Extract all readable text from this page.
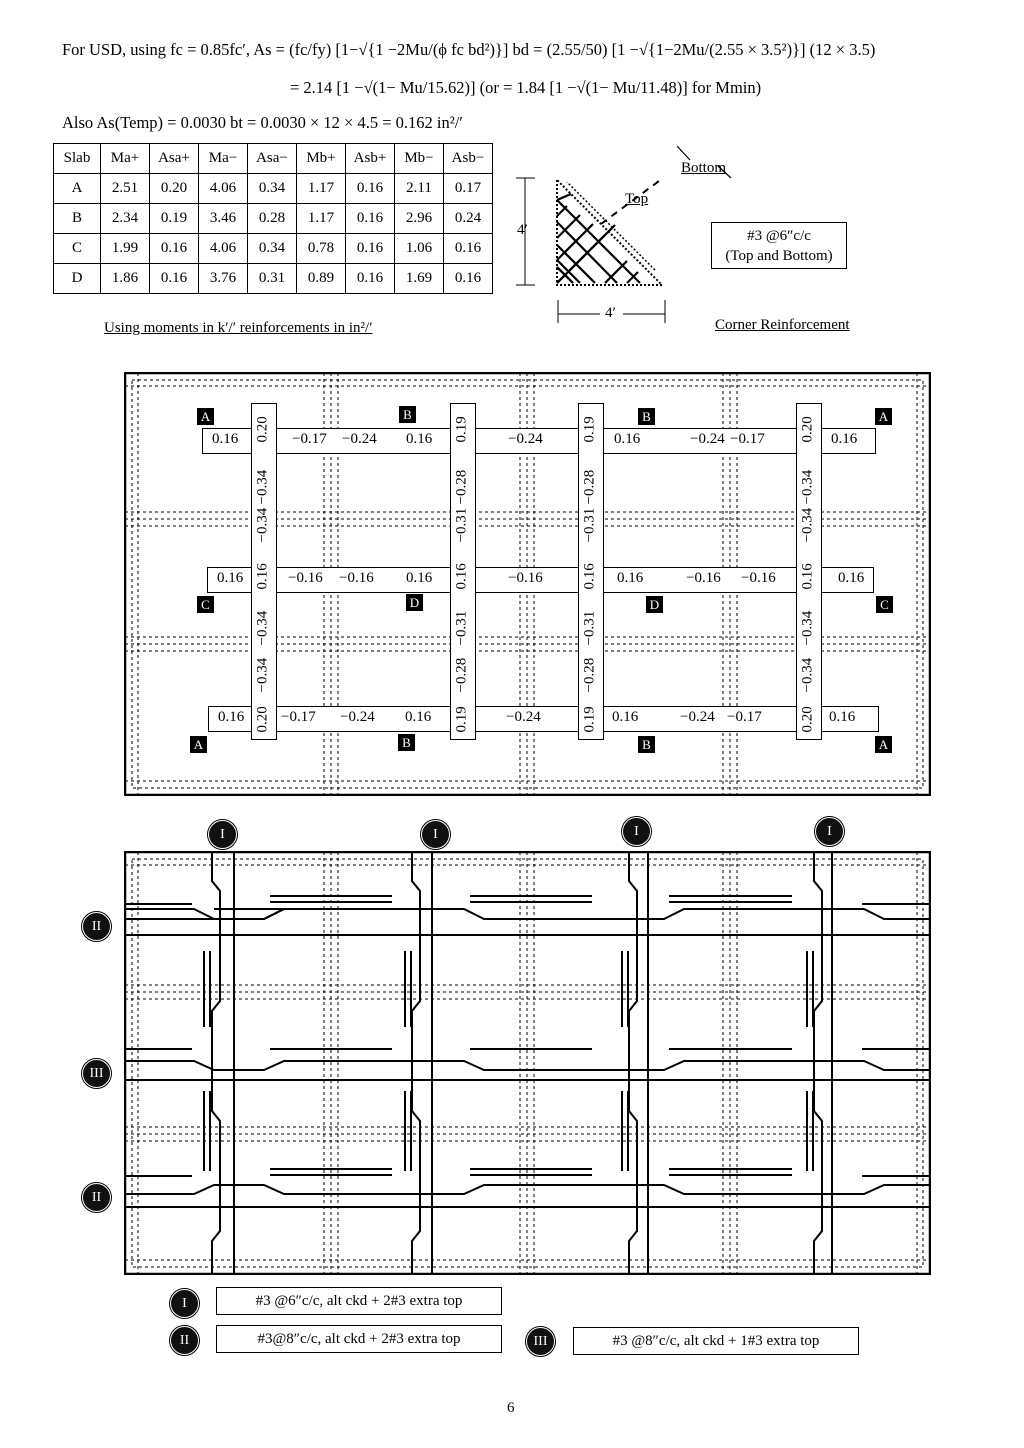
For USD, using fc = 0.85fc′, As = (fc/fy) [1−√{1 −2Mu/(ϕ fc bd²)}] bd = (2.55/50) [1 −√{1−2Mu/(2.55 × 3.5²)}] (12 × 3.5)
= 2.14 [1 −√(1− Mu/15.62)] (or = 1.84 [1 −√(1− Mu/11.48)] for Mmin)
Also As(Temp) = 0.0030 bt = 0.0030 × 12 × 4.5 = 0.162 in²/′
Slab	Ma+	Asa+	Ma−	Asa−	Mb+	Asb+	Mb−	Asb−
A	2.51	0.20	4.06	0.34	1.17	0.16	2.11	0.17
B	2.34	0.19	3.46	0.28	1.17	0.16	2.96	0.24
C	1.99	0.16	4.06	0.34	0.78	0.16	1.06	0.16
D	1.86	0.16	3.76	0.31	0.89	0.16	1.69	0.16
Using moments in k′/′ reinforcements in in²/′
Bottom
Top
4′
4′
#3 @6″c/c
(Top and Bottom)
Corner Reinforcement
0.16	−0.17 −0.24 0.16	−0.24	0.16	−0.24 −0.17	0.16
0.16	−0.16 −0.16 0.16	−0.16	0.16	−0.16 −0.16	0.16
0.16 −0.17 −0.24 0.16	−0.24	0.16	−0.24 −0.17	0.16
0.20
−0.34
−0.34
0.16
−0.34
−0.34
0.20
0.19
−0.28
−0.31
0.16
−0.31
−0.28
0.19
0.19
−0.28
−0.31
0.16
−0.31
−0.28
0.19
0.20
−0.34
−0.34
0.16
−0.34
−0.34
0.20
A	B	B	A
C	D	D	C
A	B	B	A
I	I	I	I
II
III
II
I	#3 @6″c/c, alt ckd + 2#3 extra top
II	#3@8″c/c, alt ckd + 2#3 extra top	III	#3 @8″c/c, alt ckd + 1#3 extra top
6
